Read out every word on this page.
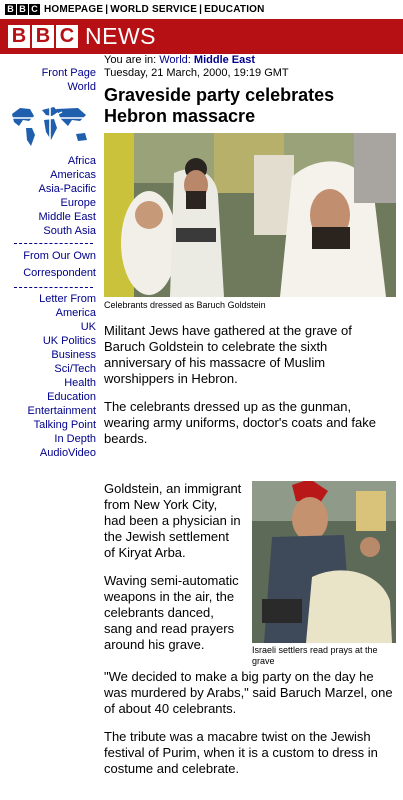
B B C HOMEPAGE | WORLD SERVICE | EDUCATION
B B C NEWS
Front Page
World
Africa
Americas
Asia-Pacific
Europe
Middle East
South Asia
From Our Own Correspondent
Letter From America
UK
UK Politics
Business
Sci/Tech
Health
Education
Entertainment
Talking Point
In Depth
AudioVideo
You are in: World: Middle East
Tuesday, 21 March, 2000, 19:19 GMT
Graveside party celebrates Hebron massacre
Celebrants dressed as Baruch Goldstein

Militant Jews have gathered at the grave of Baruch Goldstein to celebrate the sixth anniversary of his massacre of Muslim worshippers in Hebron.

The celebrants dressed up as the gunman, wearing army uniforms, doctor's coats and fake beards.

Goldstein, an immigrant from New York City, had been a physician in the Jewish settlement of Kiryat Arba.

Waving semi-automatic weapons in the air, the celebrants danced, sang and read prayers around his grave.	Israeli settlers read prays at the grave

"We decided to make a big party on the day he was murdered by Arabs," said Baruch Marzel, one of about 40 celebrants.

The tribute was a macabre twist on the Jewish festival of Purim, when it is a custom to dress in costume and celebrate.
